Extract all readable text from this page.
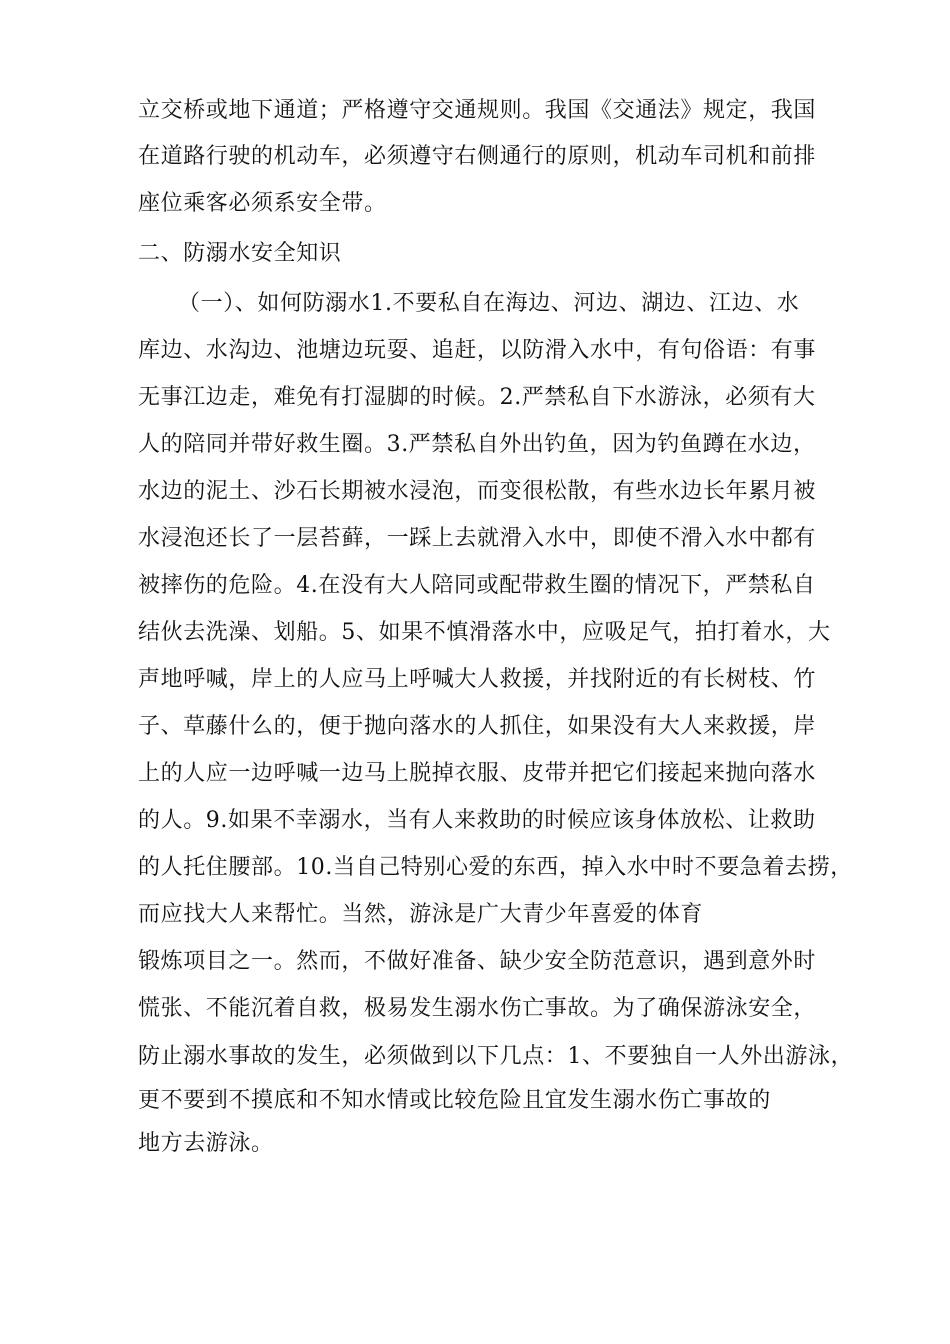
立交桥或地下通道；严格遵守交通规则。我国《交通法》规定，我国
在道路行驶的机动车，必须遵守右侧通行的原则，机动车司机和前排
座位乘客必须系安全带。
二、防溺水安全知识
（一）、如何防溺水1.不要私自在海边、河边、湖边、江边、水
库边、水沟边、池塘边玩耍、追赶，以防滑入水中，有句俗语：有事
无事江边走，难免有打湿脚的时候。2.严禁私自下水游泳，必须有大
人的陪同并带好救生圈。3.严禁私自外出钓鱼，因为钓鱼蹲在水边，
水边的泥土、沙石长期被水浸泡，而变很松散，有些水边长年累月被
水浸泡还长了一层苔藓，一踩上去就滑入水中，即使不滑入水中都有
被摔伤的危险。4.在没有大人陪同或配带救生圈的情况下，严禁私自
结伙去洗澡、划船。5、如果不慎滑落水中，应吸足气，拍打着水，大
声地呼喊，岸上的人应马上呼喊大人救援，并找附近的有长树枝、竹
子、草藤什么的，便于抛向落水的人抓住，如果没有大人来救援，岸
上的人应一边呼喊一边马上脱掉衣服、皮带并把它们接起来抛向落水
的人。9.如果不幸溺水，当有人来救助的时候应该身体放松、让救助
的人托住腰部。10.当自己特别心爱的东西，掉入水中时不要急着去捞，
而应找大人来帮忙。当然，游泳是广大青少年喜爱的体育
锻炼项目之一。然而，不做好准备、缺少安全防范意识，遇到意外时
慌张、不能沉着自救，极易发生溺水伤亡事故。为了确保游泳安全，
防止溺水事故的发生，必须做到以下几点：1、不要独自一人外出游泳，
更不要到不摸底和不知水情或比较危险且宜发生溺水伤亡事故的
地方去游泳。
